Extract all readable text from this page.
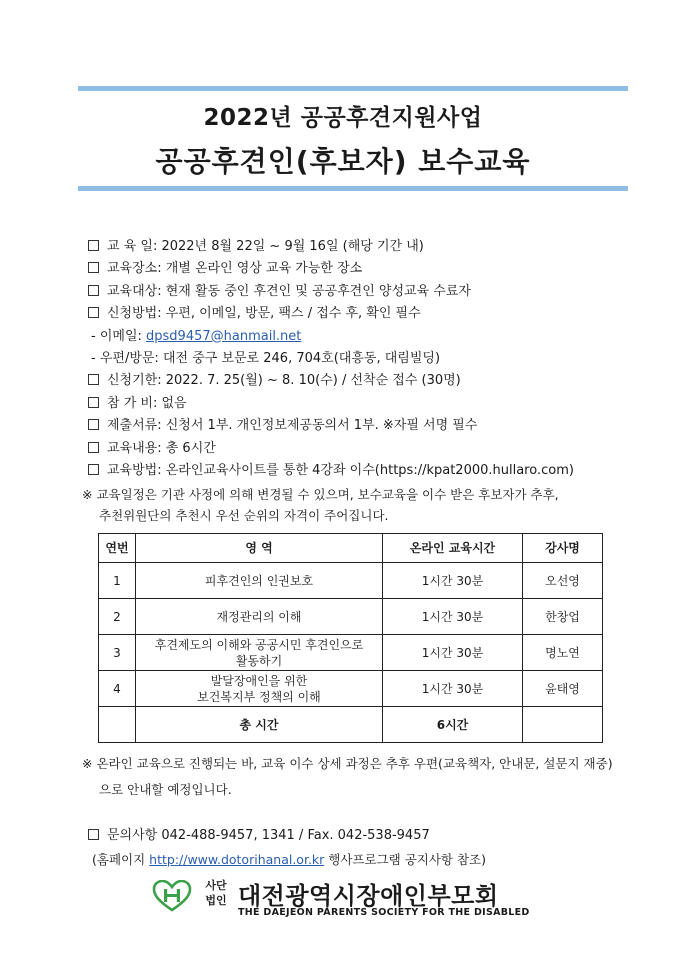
2022년 공공후견지원사업
공공후견인(후보자) 보수교육
교 육 일: 2022년 8월 22일 ~ 9월 16일 (해당 기간 내)
교육장소: 개별 온라인 영상 교육 가능한 장소
교육대상: 현재 활동 중인 후견인 및 공공후견인 양성교육 수료자
신청방법: 우편, 이메일, 방문, 팩스 / 접수 후, 확인 필수
- 이메일: dpsd9457@hanmail.net
- 우편/방문: 대전 중구 보문로 246, 704호(대흥동, 대림빌딩)
신청기한: 2022. 7. 25(월) ~ 8. 10(수) / 선착순 접수 (30명)
참 가 비: 없음
제출서류: 신청서 1부. 개인정보제공동의서 1부. ※자필 서명 필수
교육내용: 총 6시간
교육방법: 온라인교육사이트를 통한 4강좌 이수(https://kpat2000.hullaro.com)
※ 교육일정은 기관 사정에 의해 변경될 수 있으며, 보수교육을 이수 받은 후보자가 추후,
추천위원단의 추천시 우선 순위의 자격이 주어집니다.
연번	영 역	온라인 교육시간	강사명
1	피후견인의 인권보호	1시간 30분	오선영
2	재정관리의 이해	1시간 30분	한창업
3	후견제도의 이해와 공공시민 후견인으로
활동하기	1시간 30분	명노연
4	발달장애인을 위한
보건복지부 정책의 이해	1시간 30분	윤태영
	총 시간	6시간	
※ 온라인 교육으로 진행되는 바, 교육 이수 상세 과정은 추후 우편(교육책자, 안내문, 설문지 재중)
으로 안내할 예정입니다.
문의사항 042-488-9457, 1341 / Fax. 042-538-9457
(홈페이지 http://www.dotorihanal.or.kr 행사프로그램 공지사항 참조)
사단
법인 대전광역시장애인부모회
THE DAEJEON PARENTS SOCIETY FOR THE DISABLED
